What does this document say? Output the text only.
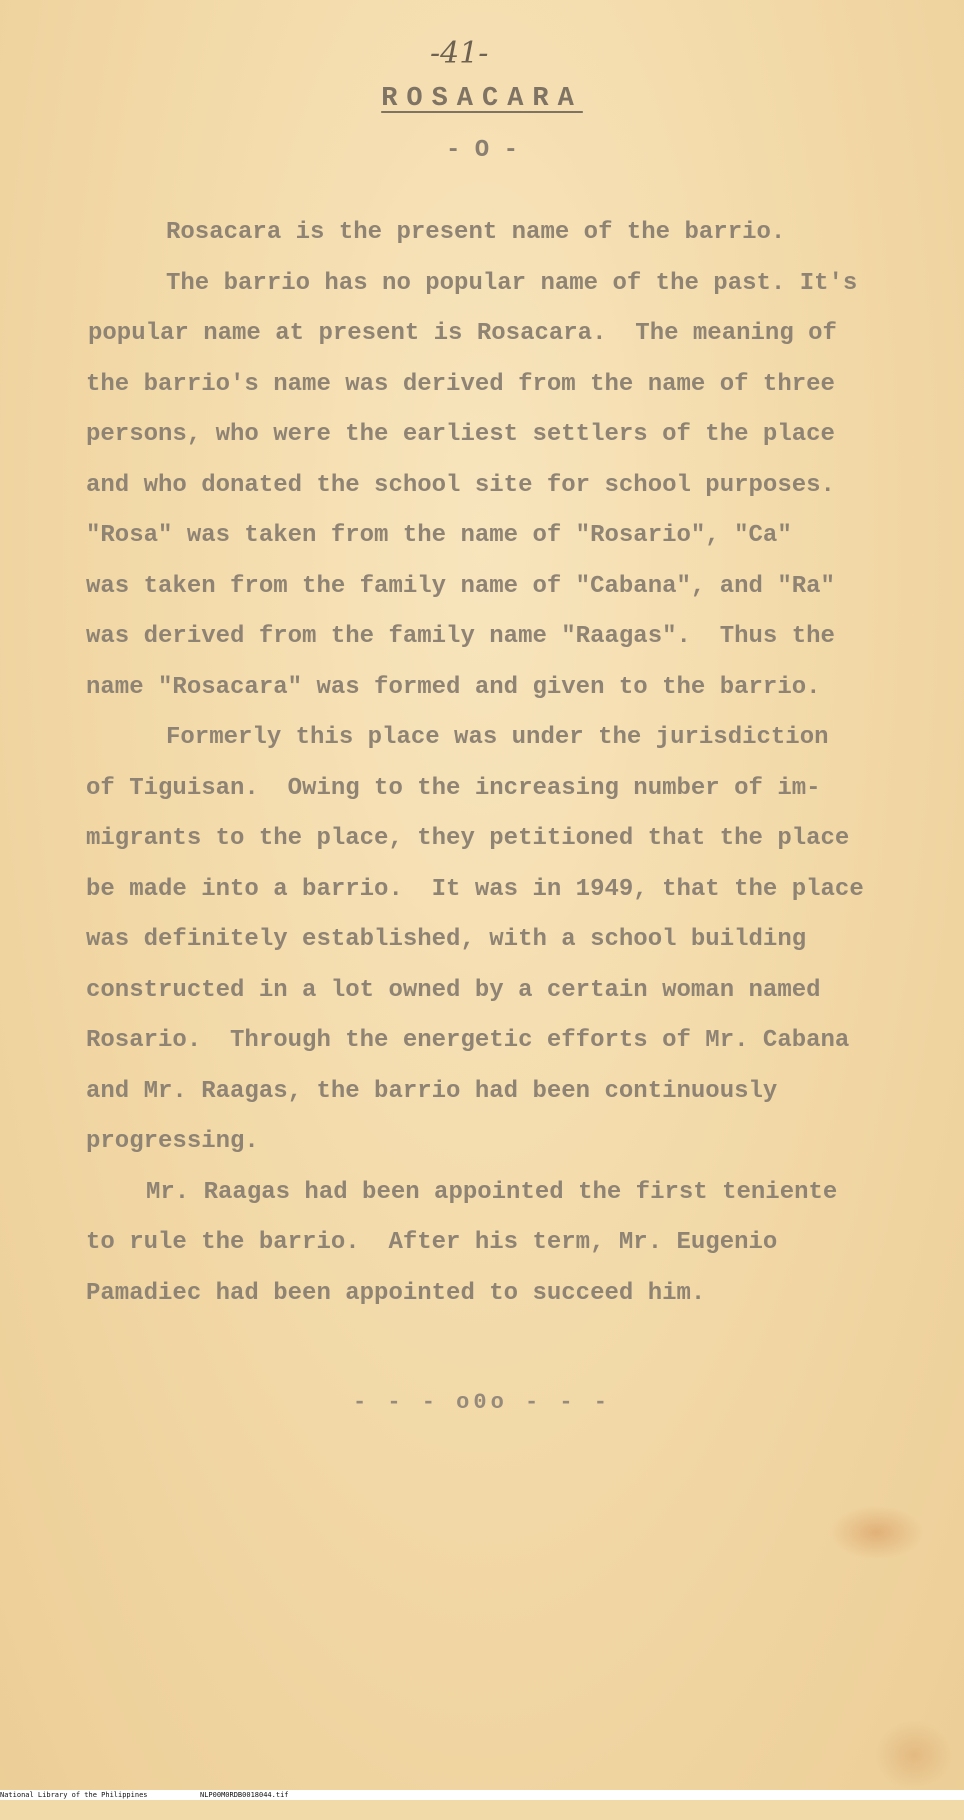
-41-
ROSACARA
- O -
Rosacara is the present name of the barrio.
The barrio has no popular name of the past. It's
popular name at present is Rosacara.  The meaning of
the barrio's name was derived from the name of three
persons, who were the earliest settlers of the place
and who donated the school site for school purposes.
"Rosa" was taken from the name of "Rosario", "Ca"
was taken from the family name of "Cabana", and "Ra"
was derived from the family name "Raagas".  Thus the
name "Rosacara" was formed and given to the barrio.
Formerly this place was under the jurisdiction
of Tiguisan.  Owing to the increasing number of im-
migrants to the place, they petitioned that the place
be made into a barrio.  It was in 1949, that the place
was definitely established, with a school building
constructed in a lot owned by a certain woman named
Rosario.  Through the energetic efforts of Mr. Cabana
and Mr. Raagas, the barrio had been continuously
progressing.
Mr. Raagas had been appointed the first teniente
to rule the barrio.  After his term, Mr. Eugenio
Pamadiec had been appointed to succeed him.
- - - o0o - - -

National Library of the Philippines

	NLP00M0RDB0018044.tif
